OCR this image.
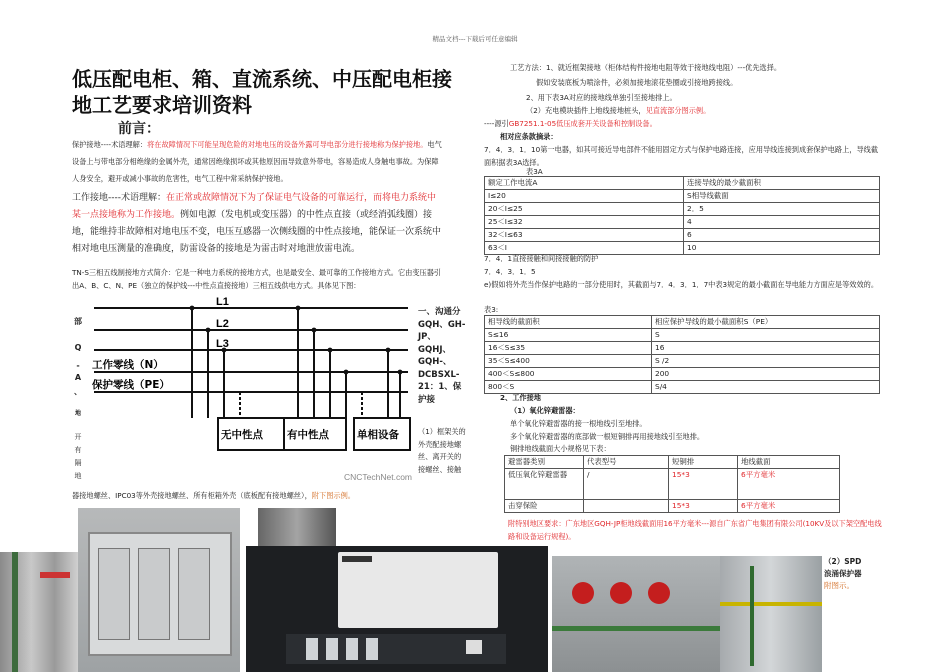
精品文档---下载后可任意编辑
低压配电柜、箱、直流系统、中压配电柜接地工艺要求培训资料
前言：
保护接地----术语理解：将在故障情况下可能呈现危险的对地电压的设备外露可导电部分进行接地称为保护接地。电气设备上与带电部分相绝缘的金属外壳，通常因绝缘损坏或其他原因而导致意外带电，容易造成人身触电事故。为保障人身安全，避开或减小事故的危害性，电气工程中常采纳保护接地。
工作接地----术语理解：在正常或故障情况下为了保证电气设备的可靠运行，而将电力系统中某一点接地称为工作接地。例如电源（发电机或变压器）的中性点直接（或经消弧线圈）接地，能维持非故障相对地电压不变，电压互感器一次侧线圈的中性点接地，能保证一次系统中相对地电压测量的准确度，防雷设备的接地是为雷击时对地泄放雷电流。
TN-S三相五线制接地方式简介：它是一种电力系统的接地方式，也是最安全、最可靠的工作接地方式。它由变压器引出A、B、C、N、PE（独立的保护线---中性点直接接地）三相五线供电方式。具体见下图：
部
Q
-
A
、
地
开
有
隔
地
L1
L2
L3
工作零线（N）
保护零线（PE）
无中性点 有中性点	单相设备
CNCTechNet.com
一、沟通分GQH、GH-JP、GQHJ、GQH-、DCBSXL-21：1、保护接
（1）框架关的外壳配接地螺丝、离开关的接螺丝、接触
器接地螺丝、IPC03等外壳接地螺丝、所有柜箱外壳（底板配有接地螺丝），附下图示例。
工艺方法：1、就近框架接地（柜体结构件接地电阻等效于接地线电阻）---优先选择。
假如安装底板为喷涂件，必须加接地滚花垫圈或引接地跨接线。
2、用下表3A对应的接地线单独引至接地排上。
（2）充电模块插件上地线接地桩头，见直流部分图示例。
----源引GB7251.1-05低压成套开关设备和控制设备。
相对应条款摘录：
7．4．3．1．10第一电器，如其可接近导电部件不能用固定方式与保护电路连接，应用导线连接到成套保护电路上，导线截面积据表3A选择。
表3A
额定工作电流A	连接导线的最少截面积
I≤20	S相导线截面
20＜I≤25	2．5
25＜I≤32	4
32＜I≤63	6
63＜I	10
7．4．1直接接触和间接接触的防护
7．4．3．1．5
e)假如将外壳当作保护电路的一部分使用时，其截面与7．4．3．1．7中表3规定的最小截面在导电能力方面应是等效效的。
表3:
相导线的截面积	相应保护导线的最小截面积S（PE）
S≤16	S
16＜S≤35	16
35＜S≤400	S /2
400＜S≤800	200
800＜S	S/4
2、工作接地
（1）氧化锌避雷器：
单个氧化锌避雷器的接一根地线引至地排。
多个氧化锌避雷器的底部做一根短铜排再用接地线引至地排。
铜排地线截面大小规格见下表：
避雷器类别	代表型号	短铜排	地线截面
低压氧化锌避雷器	/	15*3	6平方毫米
击穿保险		15*3	6平方毫米
附特别地区要求：广东地区GQH-JP柜地线截面用16平方毫米---源自广东省广电集团有限公司(10KV及以下架空配电线路和设备运行规程)。
（2）SPD浪涌保护器附图示。
